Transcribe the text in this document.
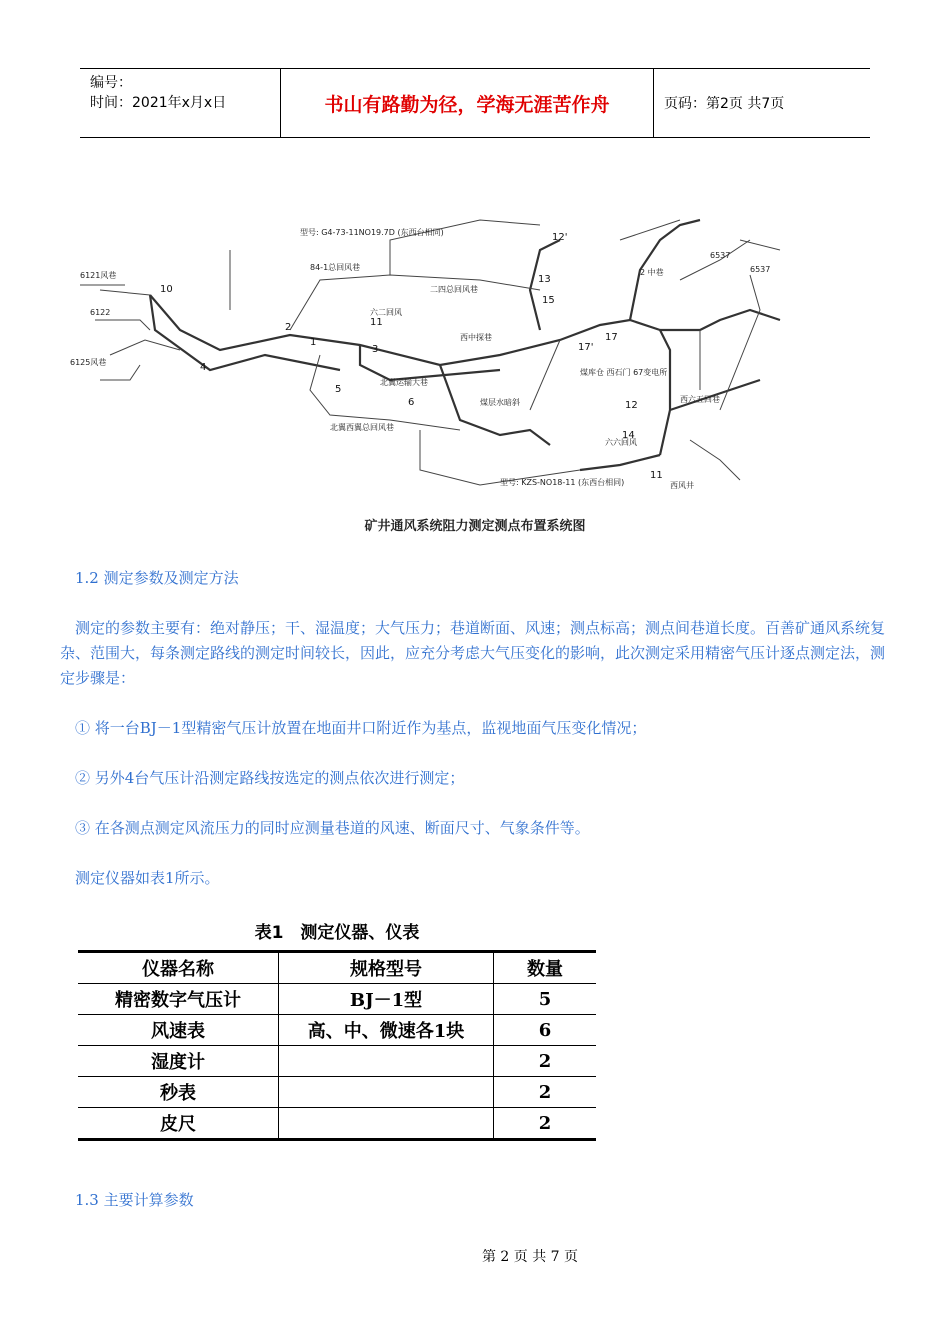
编号：
时间：2021年x月x日	书山有路勤为径，学海无涯苦作舟	页码：第2页 共7页
6121风巷
6122
6125风巷
型号: G4-73-11NO19.7D (东西台相同)
84-1总回风巷
二四总回风巷
六二回风
西中探巷
北翼西翼总回风巷
北翼运输大巷
煤层水暗斜
2 中巷
西六五回巷
六六回风
西风井
型号: KZS-NO18-11 (东西台相同)
煤库仓 西石门 67变电所
6537
6537
10
4
2
3
1
5
11
13
15
12'
17'
17
12
14
11
6
矿井通风系统阻力测定测点布置系统图
1.2 测定参数及测定方法
测定的参数主要有：绝对静压；干、湿温度；大气压力；巷道断面、风速；测点标高；测点间巷道长度。百善矿通风系统复杂、范围大，每条测定路线的测定时间较长，因此，应充分考虑大气压变化的影响，此次测定采用精密气压计逐点测定法，测定步骤是：
① 将一台BJ－1型精密气压计放置在地面井口附近作为基点，监视地面气压变化情况；
② 另外4台气压计沿测定路线按选定的测点依次进行测定；
③ 在各测点测定风流压力的同时应测量巷道的风速、断面尺寸、气象条件等。
测定仪器如表1所示。
表1　测定仪器、仪表
仪器名称	规格型号	数量
精密数字气压计	BJ－1型	5
风速表	高、中、微速各1块	6
湿度计		2
秒表		2
皮尺		2
1.3 主要计算参数
第 2 页 共 7 页
